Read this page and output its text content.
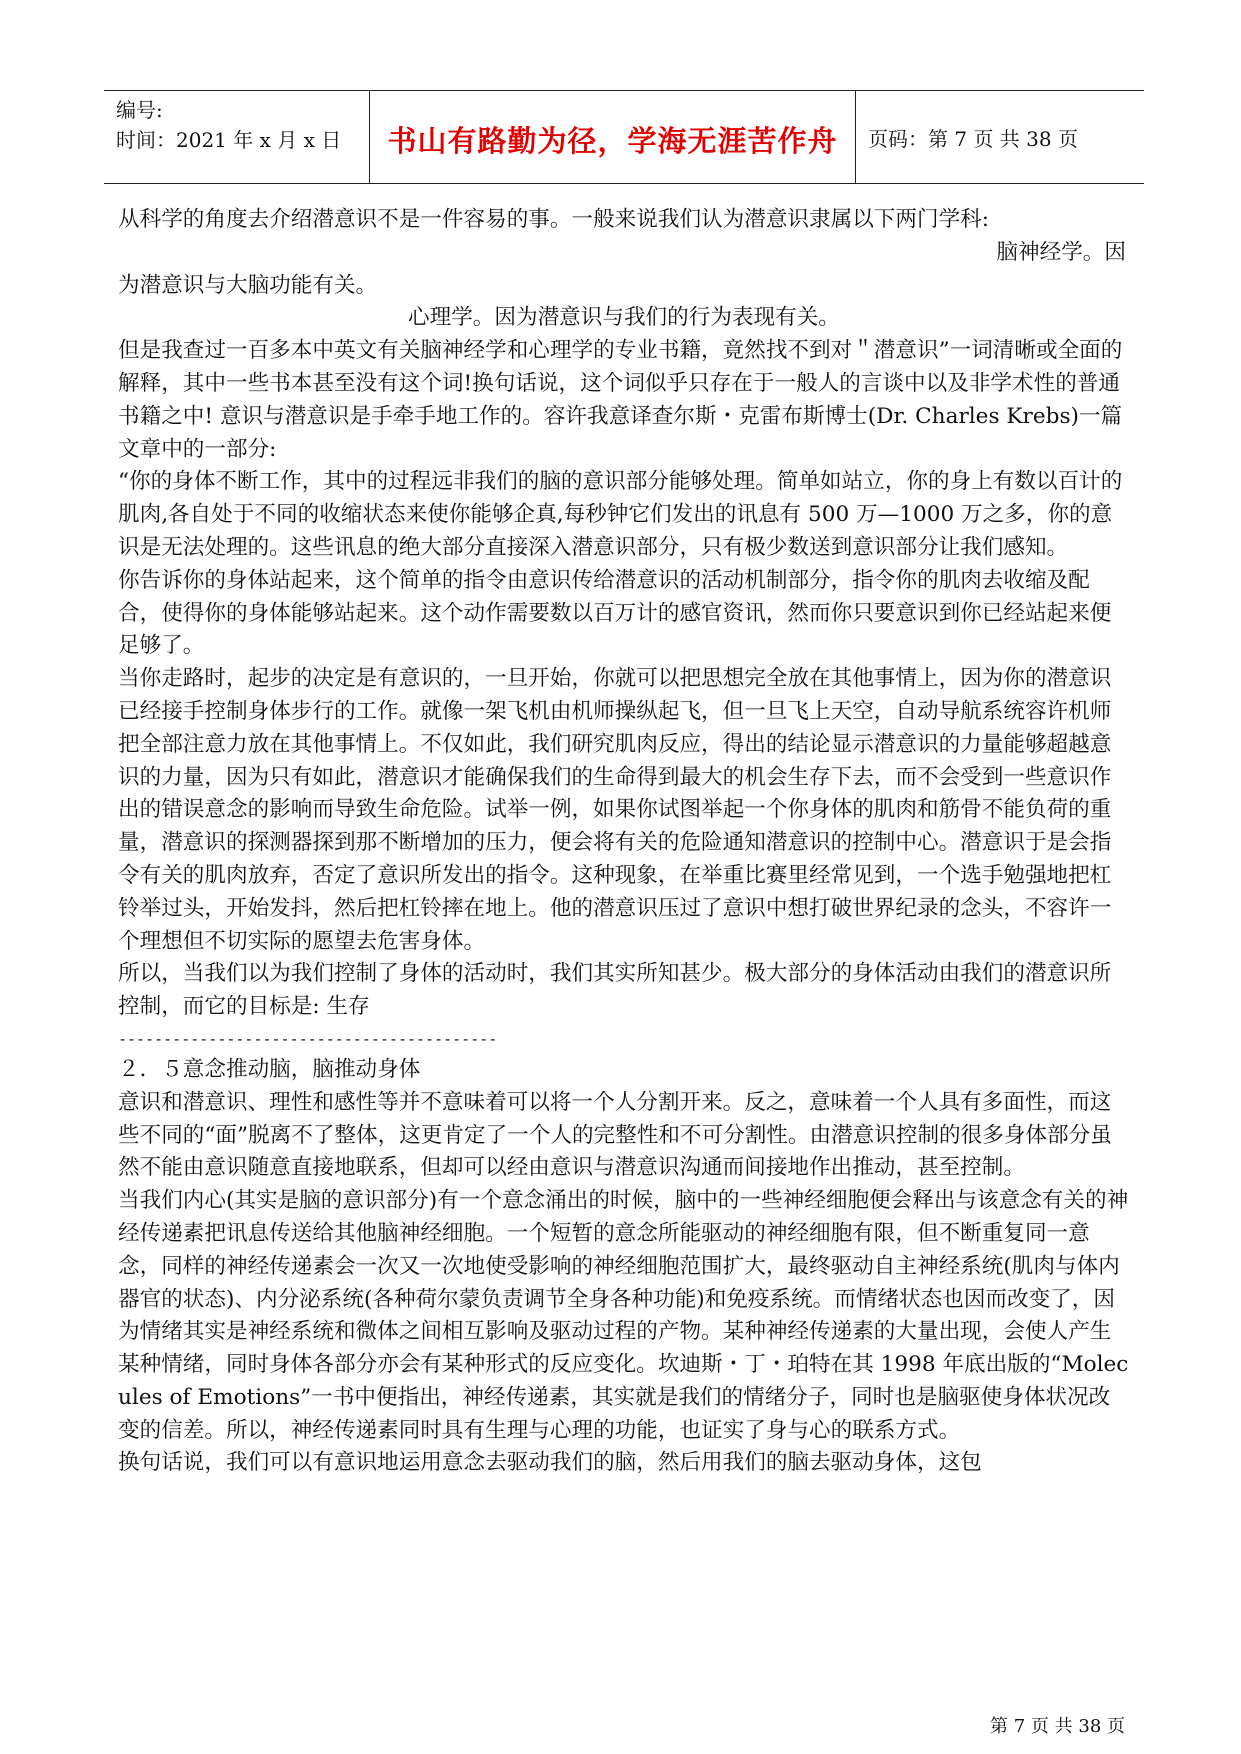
编号:
时间：2021 年 x 月 x 日	书山有路勤为径，学海无涯苦作舟	页码：第 7 页 共 38 页

从科学的角度去介绍潜意识不是一件容易的事。一般来说我们认为潜意识隶属以下两门学科:

脑神经学。因

为潜意识与大脑功能有关。

心理学。因为潜意识与我们的行为表现有关。

但是我查过一百多本中英文有关脑神经学和心理学的专业书籍，竟然找不到对＂潜意识”一词清晰或全面的解释，其中一些书本甚至没有这个词!换句话说，这个词似乎只存在于一般人的言谈中以及非学术性的普通书籍之中! 意识与潜意识是手牵手地工作的。容许我意译查尔斯・克雷布斯博士(Dr. Charles Krebs)一篇文章中的一部分:

“你的身体不断工作，其中的过程远非我们的脑的意识部分能够处理。简单如站立，你的身上有数以百计的肌肉,各自处于不同的收缩状态来使你能够企真,每秒钟它们发出的讯息有 500 万—1000 万之多，你的意识是无法处理的。这些讯息的绝大部分直接深入潜意识部分，只有极少数送到意识部分让我们感知。

你告诉你的身体站起来，这个简单的指令由意识传给潜意识的活动机制部分，指令你的肌肉去收缩及配合，使得你的身体能够站起来。这个动作需要数以百万计的感官资讯，然而你只要意识到你已经站起来便足够了。

当你走路时，起步的决定是有意识的，一旦开始，你就可以把思想完全放在其他事情上，因为你的潜意识已经接手控制身体步行的工作。就像一架飞机由机师操纵起飞，但一旦飞上天空，自动导航系统容许机师把全部注意力放在其他事情上。不仅如此，我们研究肌肉反应，得出的结论显示潜意识的力量能够超越意识的力量，因为只有如此，潜意识才能确保我们的生命得到最大的机会生存下去，而不会受到一些意识作出的错误意念的影响而导致生命危险。试举一例，如果你试图举起一个你身体的肌肉和筋骨不能负荷的重量，潜意识的探测器探到那不断增加的压力，便会将有关的危险通知潜意识的控制中心。潜意识于是会指令有关的肌肉放弃，否定了意识所发出的指令。这种现象，在举重比赛里经常见到，一个选手勉强地把杠铃举过头，开始发抖，然后把杠铃摔在地上。他的潜意识压过了意识中想打破世界纪录的念头，不容许一个理想但不切实际的愿望去危害身体。

所以，当我们以为我们控制了身体的活动时，我们其实所知甚少。极大部分的身体活动由我们的潜意识所控制，而它的目标是: 生存

------------------------------------------

２．５意念推动脑，脑推动身体

意识和潜意识、理性和感性等并不意味着可以将一个人分割开来。反之，意味着一个人具有多面性，而这些不同的“面”脱离不了整体，这更肯定了一个人的完整性和不可分割性。由潜意识控制的很多身体部分虽然不能由意识随意直接地联系，但却可以经由意识与潜意识沟通而间接地作出推动，甚至控制。

当我们内心(其实是脑的意识部分)有一个意念涌出的时候，脑中的一些神经细胞便会释出与该意念有关的神经传递素把讯息传送给其他脑神经细胞。一个短暂的意念所能驱动的神经细胞有限，但不断重复同一意念，同样的神经传递素会一次又一次地使受影响的神经细胞范围扩大，最终驱动自主神经系统(肌肉与体内器官的状态)、内分泌系统(各种荷尔蒙负责调节全身各种功能)和免疫系统。而情绪状态也因而改变了，因为情绪其实是神经系统和微体之间相互影响及驱动过程的产物。某种神经传递素的大量出现，会使人产生某种情绪，同时身体各部分亦会有某种形式的反应变化。坎迪斯・丁・珀特在其 1998 年底出版的“Molecules of Emotions”一书中便指出，神经传递素，其实就是我们的情绪分子，同时也是脑驱使身体状况改变的信差。所以，神经传递素同时具有生理与心理的功能，也证实了身与心的联系方式。

换句话说，我们可以有意识地运用意念去驱动我们的脑，然后用我们的脑去驱动身体，这包

第 7 页 共 38 页
